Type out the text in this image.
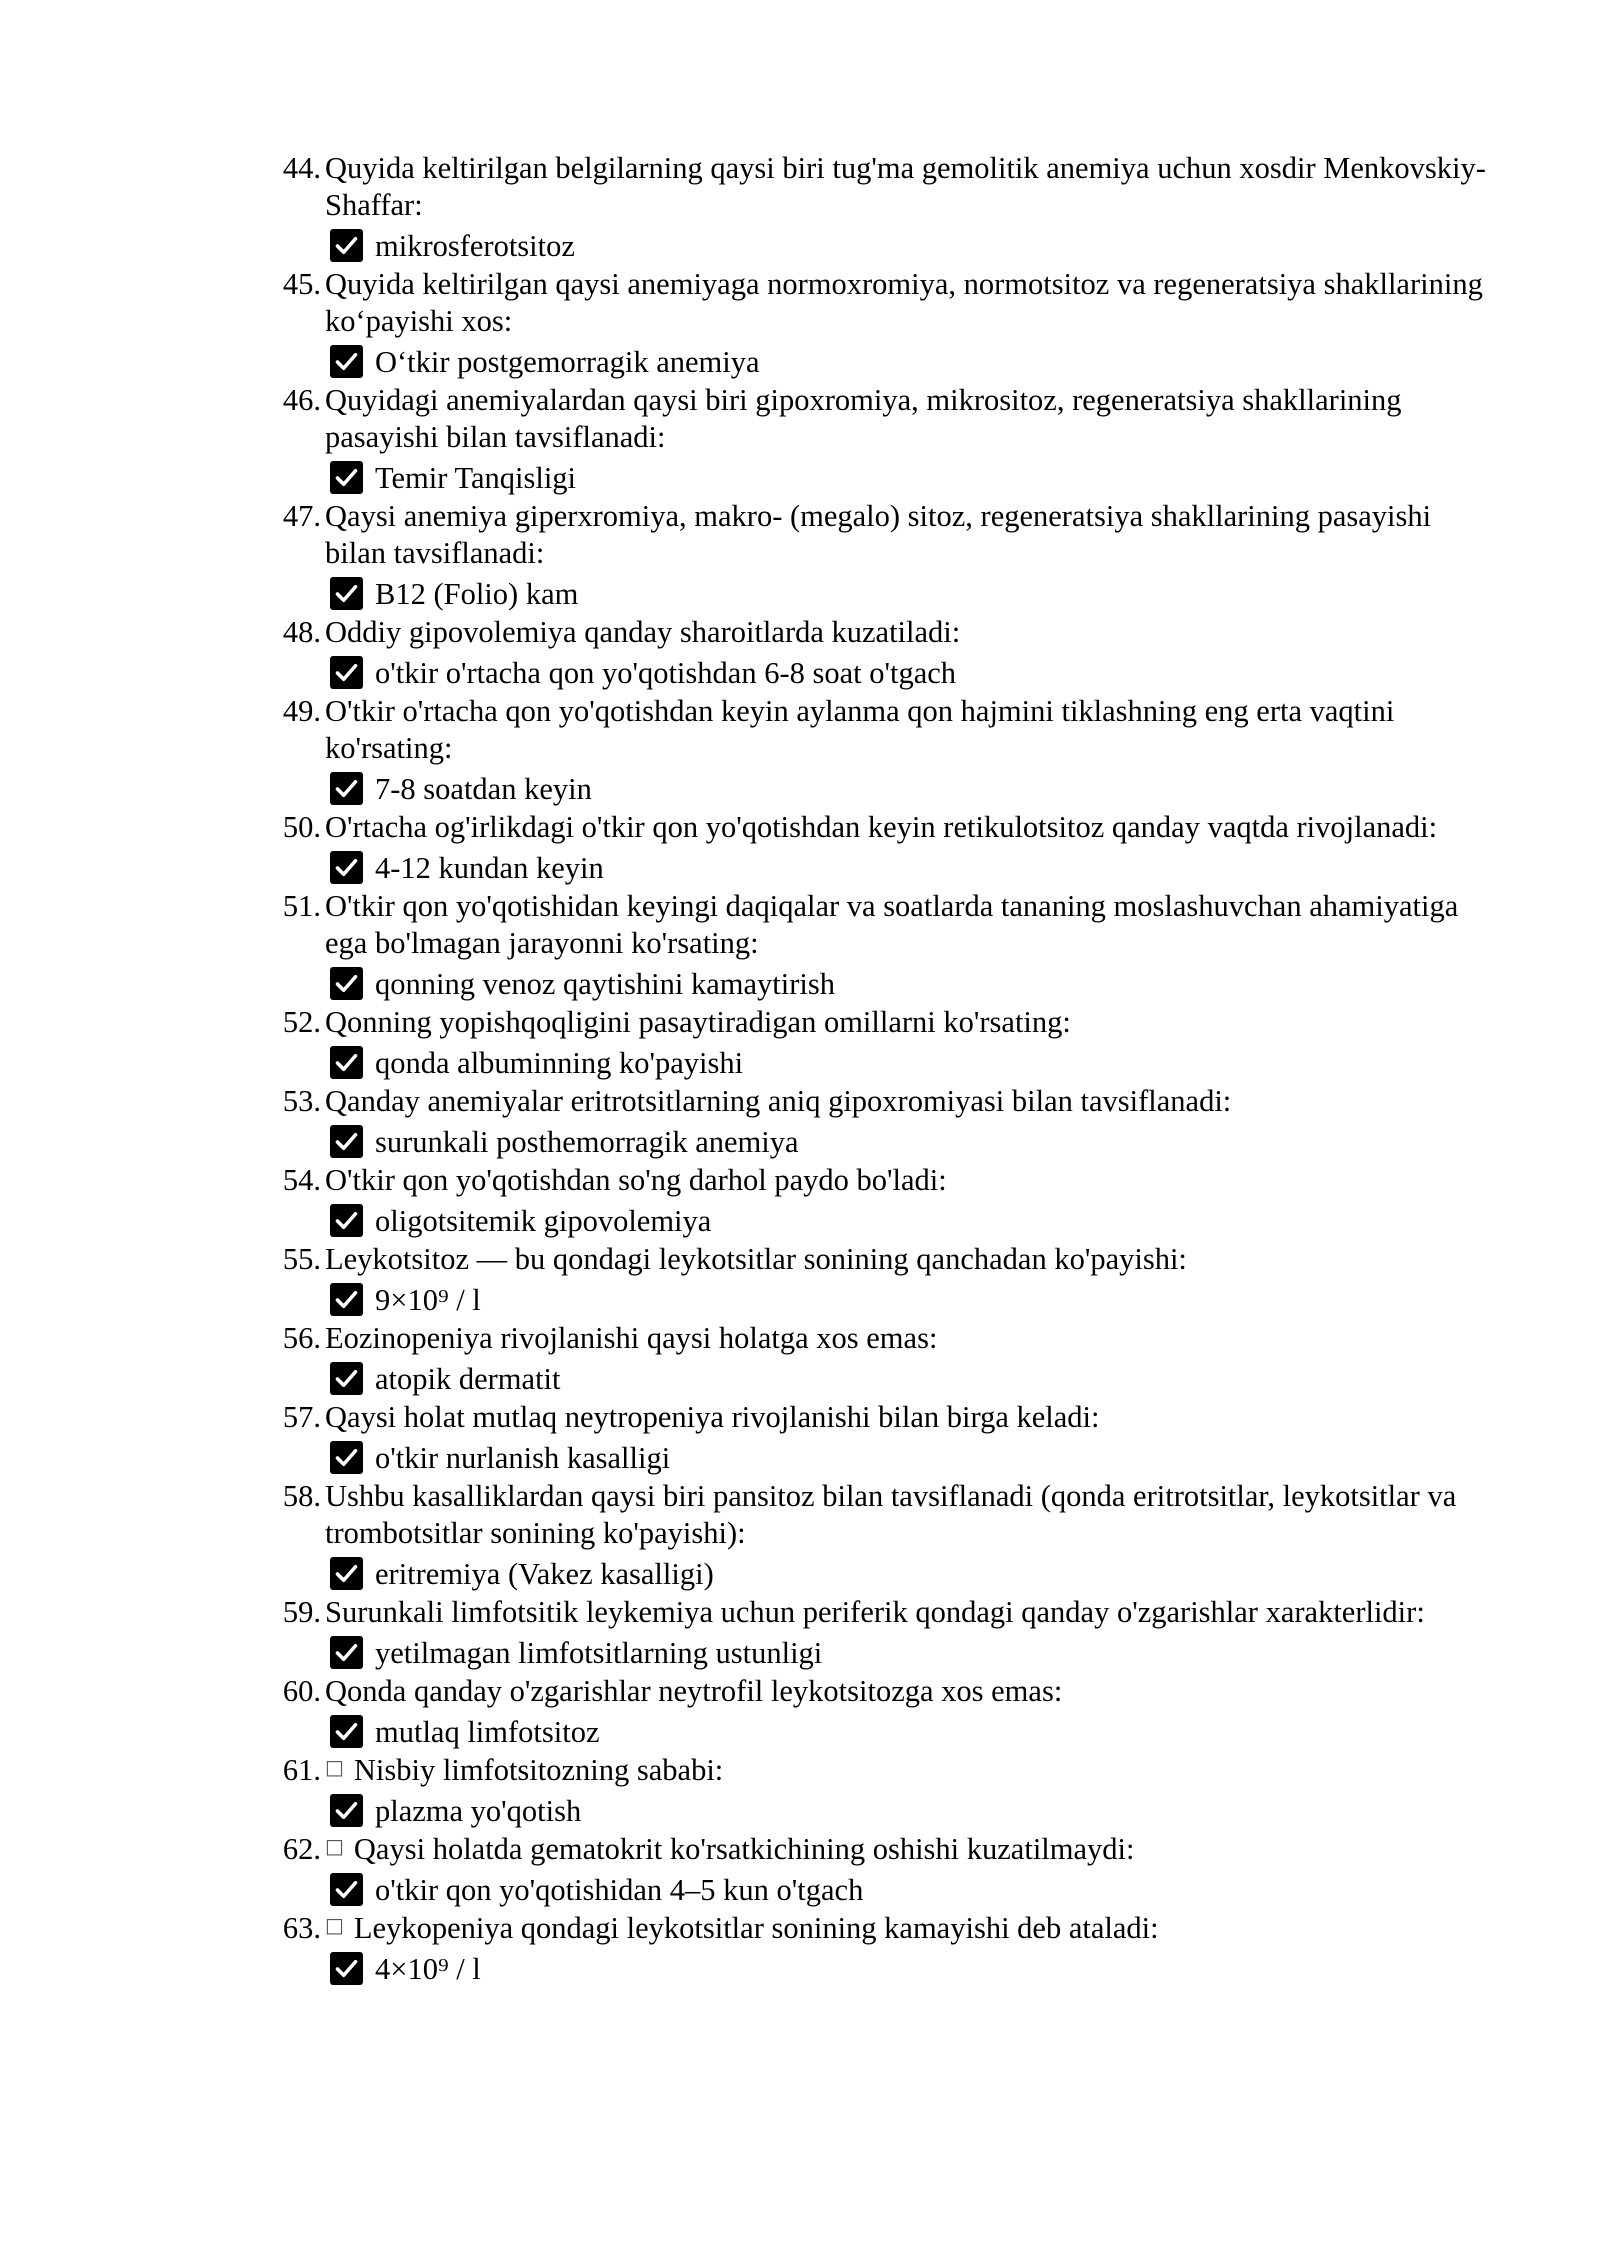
44. Quyida keltirilgan belgilarning qaysi biri tug'ma gemolitik anemiya uchun xosdir Menkovskiy-Shaffar:
mikrosferotsitoz
45. Quyida keltirilgan qaysi anemiyaga normoxromiya, normotsitoz va regeneratsiya shakllarining ko‘payishi xos:
O‘tkir postgemorragik anemiya
46. Quyidagi anemiyalardan qaysi biri gipoxromiya, mikrositoz, regeneratsiya shakllarining pasayishi bilan tavsiflanadi:
Temir Tanqisligi
47. Qaysi anemiya giperxromiya, makro- (megalo) sitoz, regeneratsiya shakllarining pasayishi bilan tavsiflanadi:
B12 (Folio) kam
48. Oddiy gipovolemiya qanday sharoitlarda kuzatiladi:
o'tkir o'rtacha qon yo'qotishdan 6-8 soat o'tgach
49. O'tkir o'rtacha qon yo'qotishdan keyin aylanma qon hajmini tiklashning eng erta vaqtini ko'rsating:
7-8 soatdan keyin
50. O'rtacha og'irlikdagi o'tkir qon yo'qotishdan keyin retikulotsitoz qanday vaqtda rivojlanadi:
4-12 kundan keyin
51. O'tkir qon yo'qotishidan keyingi daqiqalar va soatlarda tananing moslashuvchan ahamiyatiga ega bo'lmagan jarayonni ko'rsating:
qonning venoz qaytishini kamaytirish
52. Qonning yopishqoqligini pasaytiradigan omillarni ko'rsating:
qonda albuminning ko'payishi
53. Qanday anemiyalar eritrotsitlarning aniq gipoxromiyasi bilan tavsiflanadi:
surunkali posthemorragik anemiya
54. O'tkir qon yo'qotishdan so'ng darhol paydo bo'ladi:
oligotsitemik gipovolemiya
55. Leykotsitoz — bu qondagi leykotsitlar sonining qanchadan ko'payishi:
9×10⁹ / l
56. Eozinopeniya rivojlanishi qaysi holatga xos emas:
atopik dermatit
57. Qaysi holat mutlaq neytropeniya rivojlanishi bilan birga keladi:
o'tkir nurlanish kasalligi
58. Ushbu kasalliklardan qaysi biri pansitoz bilan tavsiflanadi (qonda eritrotsitlar, leykotsitlar va trombotsitlar sonining ko'payishi):
eritremiya (Vakez kasalligi)
59. Surunkali limfotsitik leykemiya uchun periferik qondagi qanday o'zgarishlar xarakterlidir:
yetilmagan limfotsitlarning ustunligi
60. Qonda qanday o'zgarishlar neytrofil leykotsitozga xos emas:
mutlaq limfotsitoz
61. □ Nisbiy limfotsitozning sababi:
plazma yo'qotish
62. □ Qaysi holatda gematokrit ko'rsatkichining oshishi kuzatilmaydi:
o'tkir qon yo'qotishidan 4–5 kun o'tgach
63. □ Leykopeniya qondagi leykotsitlar sonining kamayishi deb ataladi:
4×10⁹ / l
